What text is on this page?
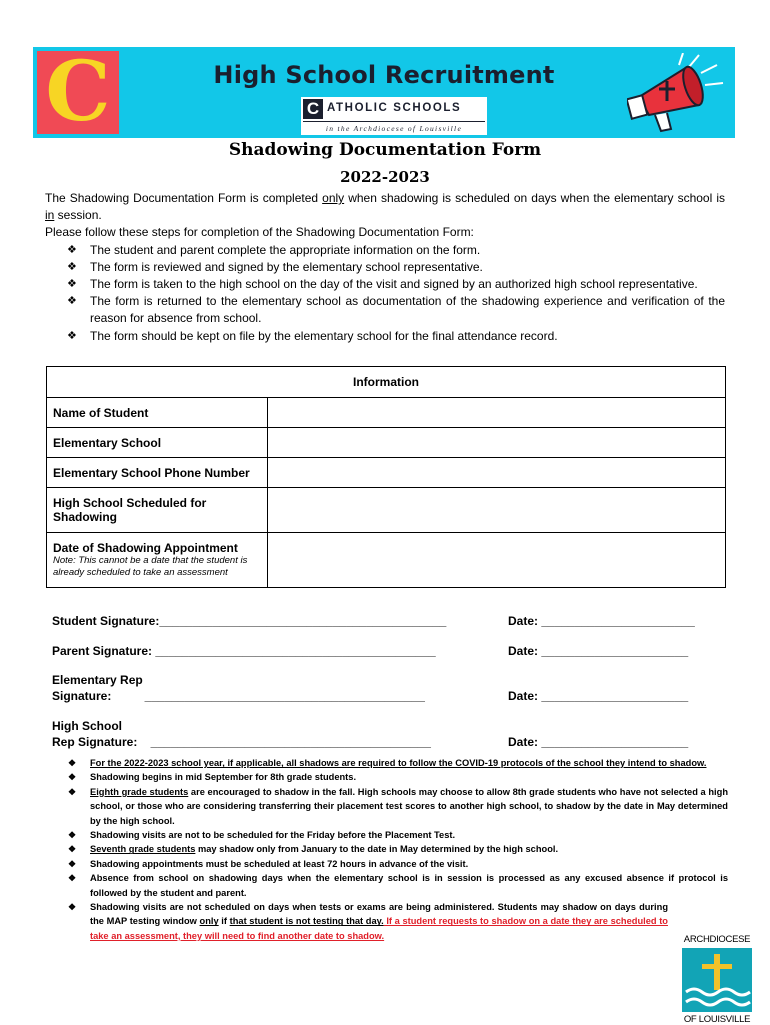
C	High School Recruitment
C ATHOLIC SCHOOLS
in the Archdiocese of Louisville
Shadowing Documentation Form
2022-2023

The Shadowing Documentation Form is completed only when shadowing is scheduled on days when the elementary school is in session.

Please follow these steps for completion of the Shadowing Documentation Form:

❖ The student and parent complete the appropriate information on the form.
❖ The form is reviewed and signed by the elementary school representative.
❖ The form is taken to the high school on the day of the visit and signed by an authorized high school representative.
❖ The form is returned to the elementary school as documentation of the shadowing experience and verification of the reason for absence from school.
❖ The form should be kept on file by the elementary school for the final attendance record.
Information	
Name of Student	
Elementary School	
Elementary School Phone Number	
High School Scheduled for Shadowing	
Date of Shadowing Appointment
Note: This cannot be a date that the student is already scheduled to take an assessment	

Student Signature:___________________________________________	Date: _______________________
Parent Signature: __________________________________________	Date: ______________________
Elementary Rep
Signature:          __________________________________________	Date: ______________________
High School
Rep Signature:    __________________________________________	Date: ______________________
❖ For the 2022-2023 school year, if applicable, all shadows are required to follow the COVID-19 protocols of the school they intend to shadow.
❖ Shadowing begins in mid September for 8th grade students.
❖ Eighth grade students are encouraged to shadow in the fall. High schools may choose to allow 8th grade students who have not selected a high school, or those who are considering transferring their placement test scores to another high school, to shadow by the date in May determined by the high school.
❖ Shadowing visits are not to be scheduled for the Friday before the Placement Test.
❖ Seventh grade students may shadow only from January to the date in May determined by the high school.
❖ Shadowing appointments must be scheduled at least 72 hours in advance of the visit.
❖ Absence from school on shadowing days when the elementary school is in session is processed as any excused absence if protocol is followed by the student and parent.
❖ Shadowing visits are not scheduled on days when tests or exams are being administered. Students may shadow on days during the MAP testing window only if that student is not testing that day. If a student requests to shadow on a date they are scheduled to take an assessment, they will need to find another date to shadow.	ARCHDIOCESE
OF LOUISVILLE
